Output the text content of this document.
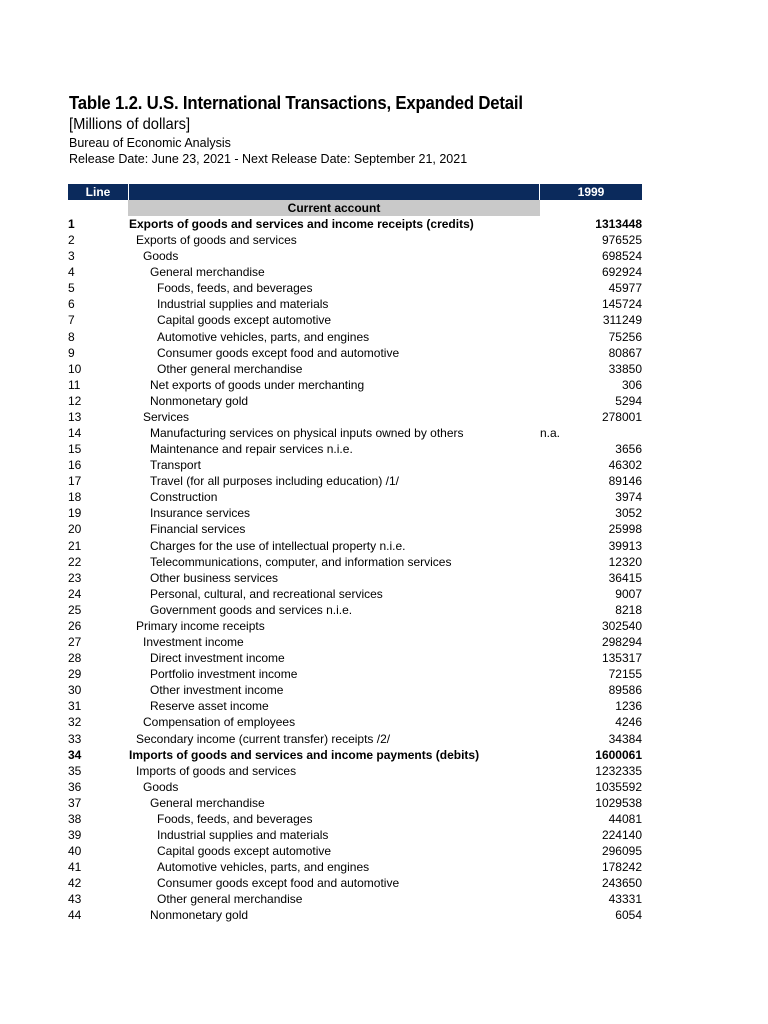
Table 1.2. U.S. International Transactions, Expanded Detail
[Millions of dollars]
Bureau of Economic Analysis
Release Date: June 23, 2021 - Next Release Date: September 21, 2021
Line	1999
Current account
1	Exports of goods and services and income receipts (credits)	1313448
2	Exports of goods and services	976525
3	Goods	698524
4	General merchandise	692924
5	Foods, feeds, and beverages	45977
6	Industrial supplies and materials	145724
7	Capital goods except automotive	311249
8	Automotive vehicles, parts, and engines	75256
9	Consumer goods except food and automotive	80867
10	Other general merchandise	33850
11	Net exports of goods under merchanting	306
12	Nonmonetary gold	5294
13	Services	278001
14	Manufacturing services on physical inputs owned by others	n.a.
15	Maintenance and repair services n.i.e.	3656
16	Transport	46302
17	Travel (for all purposes including education) /1/	89146
18	Construction	3974
19	Insurance services	3052
20	Financial services	25998
21	Charges for the use of intellectual property n.i.e.	39913
22	Telecommunications, computer, and information services	12320
23	Other business services	36415
24	Personal, cultural, and recreational services	9007
25	Government goods and services n.i.e.	8218
26	Primary income receipts	302540
27	Investment income	298294
28	Direct investment income	135317
29	Portfolio investment income	72155
30	Other investment income	89586
31	Reserve asset income	1236
32	Compensation of employees	4246
33	Secondary income (current transfer) receipts /2/	34384
34	Imports of goods and services and income payments (debits)	1600061
35	Imports of goods and services	1232335
36	Goods	1035592
37	General merchandise	1029538
38	Foods, feeds, and beverages	44081
39	Industrial supplies and materials	224140
40	Capital goods except automotive	296095
41	Automotive vehicles, parts, and engines	178242
42	Consumer goods except food and automotive	243650
43	Other general merchandise	43331
44	Nonmonetary gold	6054
